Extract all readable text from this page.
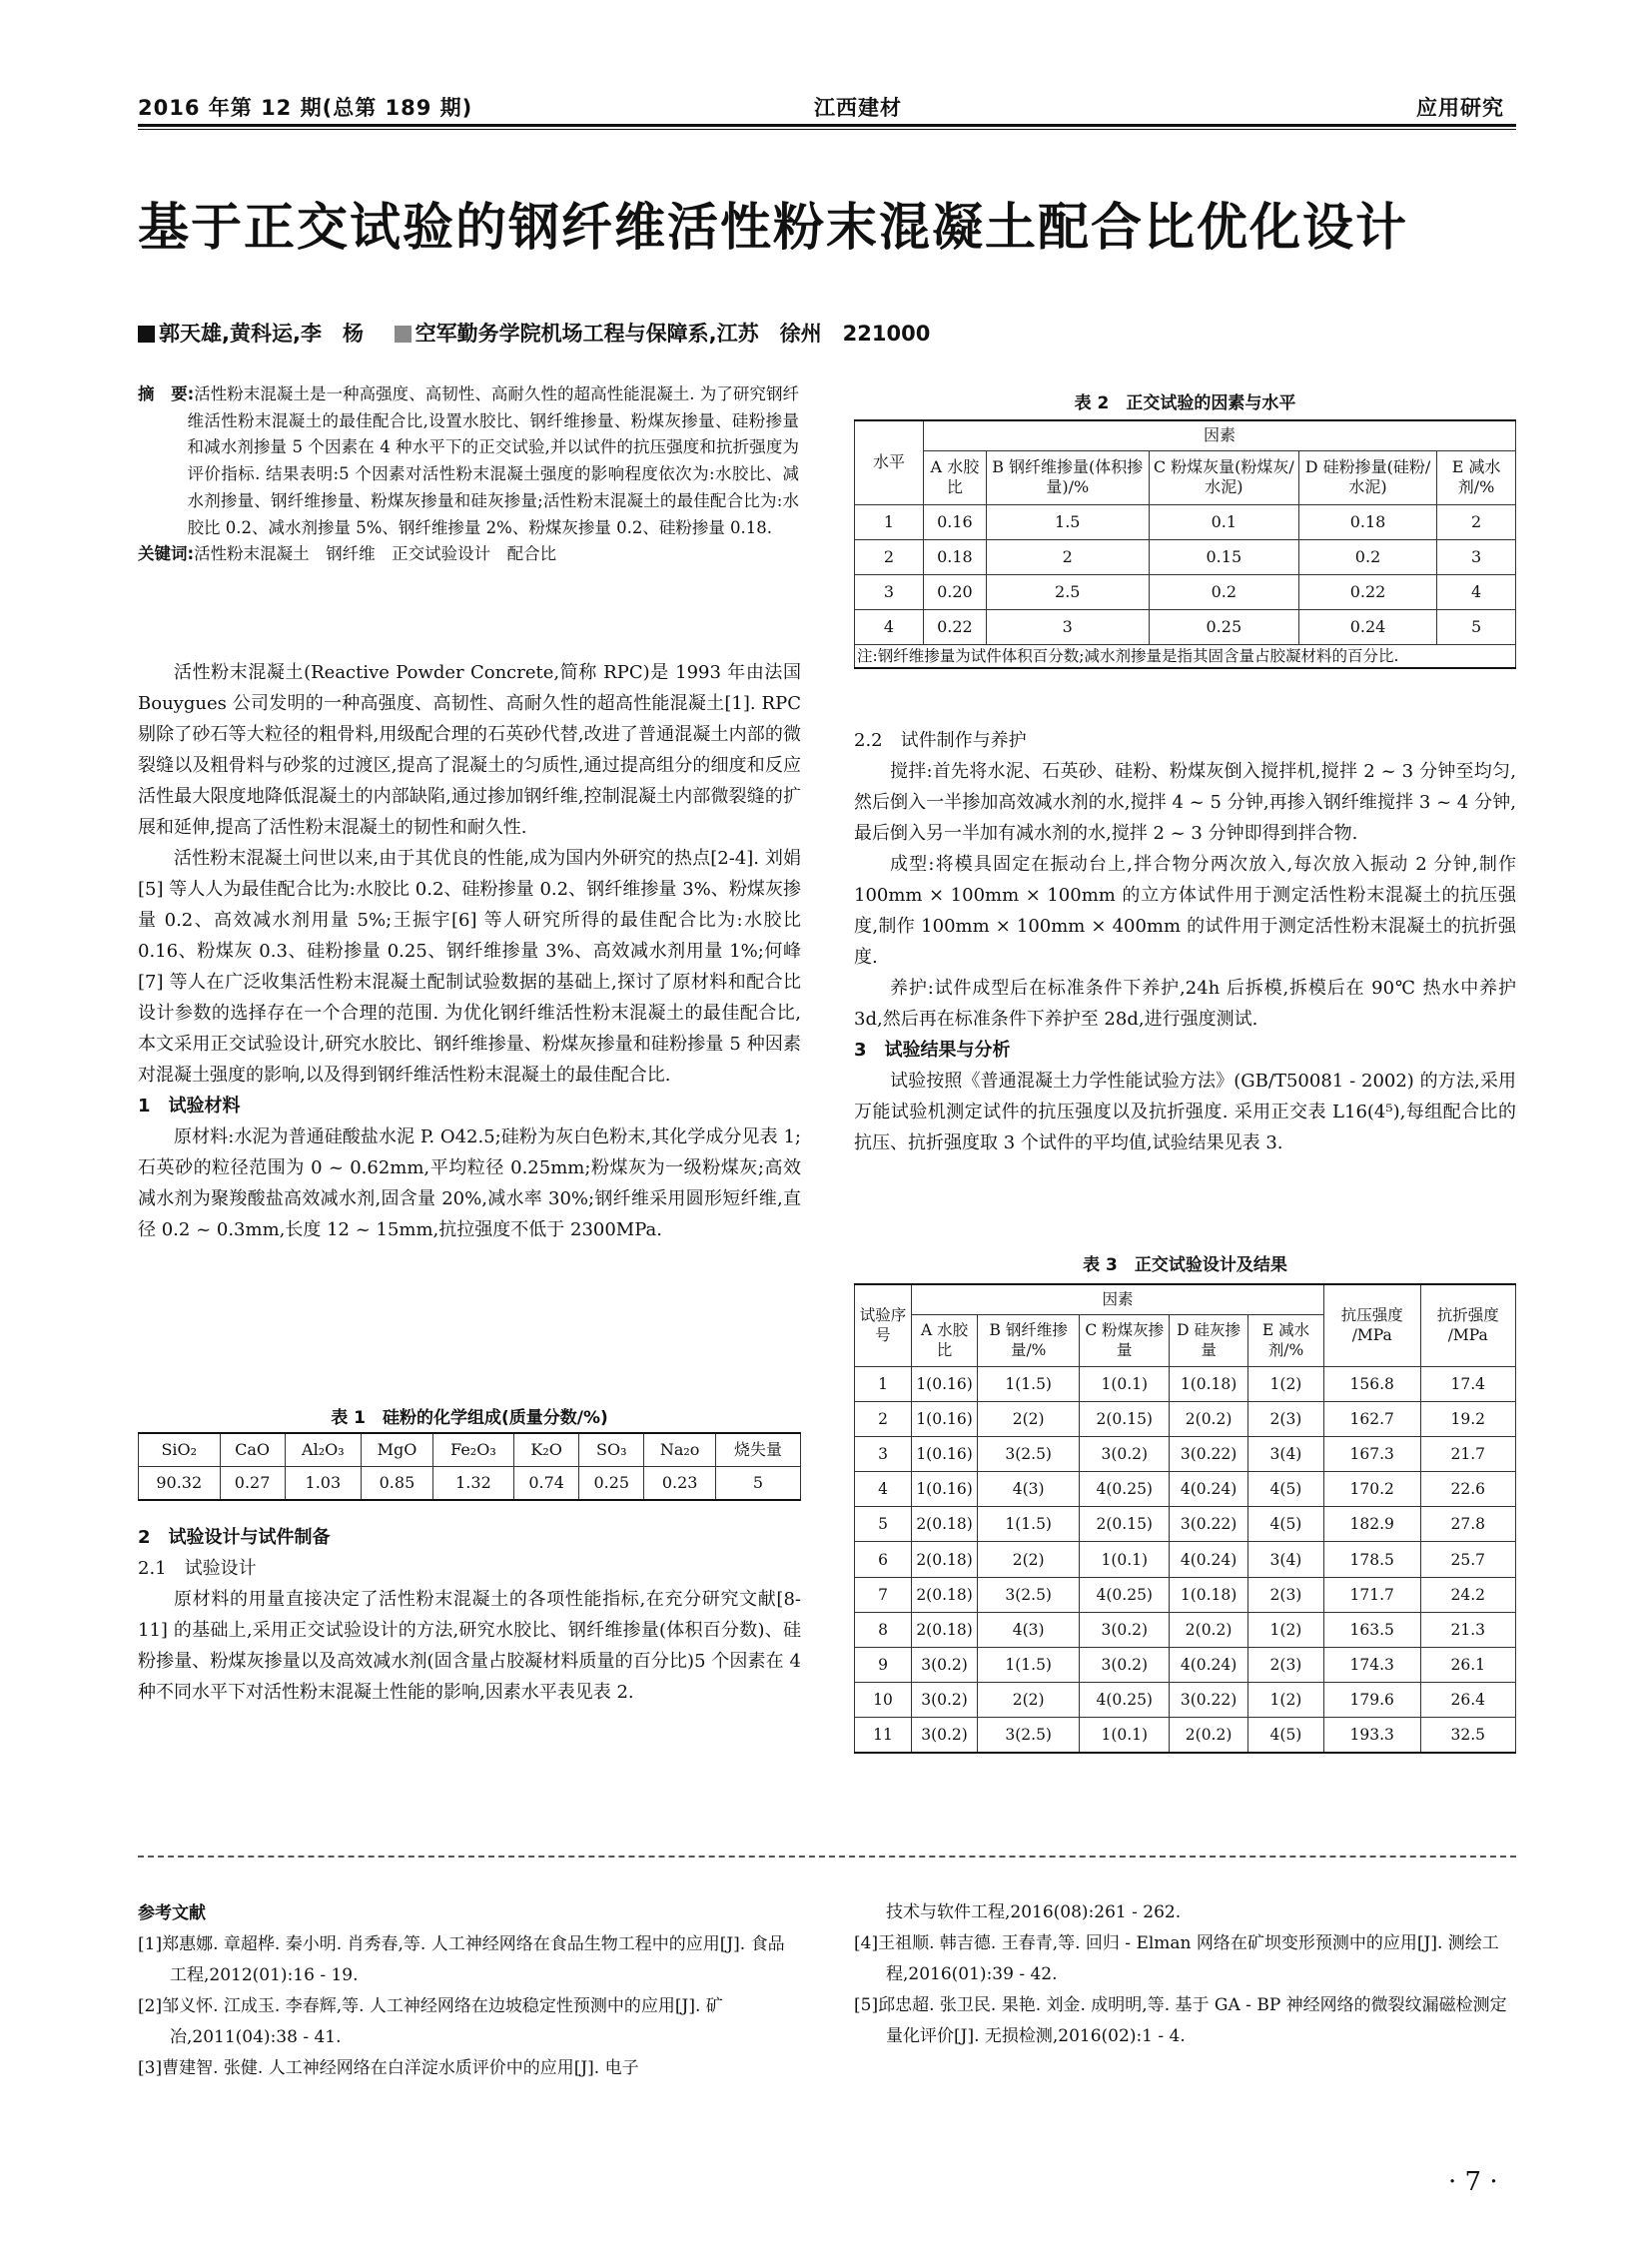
2016 年第 12 期(总第 189 期)	江西建材	应用研究
基于正交试验的钢纤维活性粉末混凝土配合比优化设计
郭天雄,黄科运,李　杨 空军勤务学院机场工程与保障系,江苏　徐州　221000

摘　要:活性粉末混凝土是一种高强度、高韧性、高耐久性的超高性能混凝土. 为了研究钢纤维活性粉末混凝土的最佳配合比,设置水胶比、钢纤维掺量、粉煤灰掺量、硅粉掺量和减水剂掺量 5 个因素在 4 种水平下的正交试验,并以试件的抗压强度和抗折强度为评价指标. 结果表明:5 个因素对活性粉末混凝土强度的影响程度依次为:水胶比、减水剂掺量、钢纤维掺量、粉煤灰掺量和硅灰掺量;活性粉末混凝土的最佳配合比为:水胶比 0.2、减水剂掺量 5%、钢纤维掺量 2%、粉煤灰掺量 0.2、硅粉掺量 0.18.

关键词:活性粉末混凝土　钢纤维　正交试验设计　配合比

活性粉末混凝土(Reactive Powder Concrete,简称 RPC)是 1993 年由法国 Bouygues 公司发明的一种高强度、高韧性、高耐久性的超高性能混凝土[1]. RPC 剔除了砂石等大粒径的粗骨料,用级配合理的石英砂代替,改进了普通混凝土内部的微裂缝以及粗骨料与砂浆的过渡区,提高了混凝土的匀质性,通过提高组分的细度和反应活性最大限度地降低混凝土的内部缺陷,通过掺加钢纤维,控制混凝土内部微裂缝的扩展和延伸,提高了活性粉末混凝土的韧性和耐久性.

活性粉末混凝土问世以来,由于其优良的性能,成为国内外研究的热点[2-4]. 刘娟[5] 等人人为最佳配合比为:水胶比 0.2、硅粉掺量 0.2、钢纤维掺量 3%、粉煤灰掺量 0.2、高效减水剂用量 5%;王振宇[6] 等人研究所得的最佳配合比为:水胶比 0.16、粉煤灰 0.3、硅粉掺量 0.25、钢纤维掺量 3%、高效减水剂用量 1%;何峰[7] 等人在广泛收集活性粉末混凝土配制试验数据的基础上,探讨了原材料和配合比设计参数的选择存在一个合理的范围. 为优化钢纤维活性粉末混凝土的最佳配合比,本文采用正交试验设计,研究水胶比、钢纤维掺量、粉煤灰掺量和硅粉掺量 5 种因素对混凝土强度的影响,以及得到钢纤维活性粉末混凝土的最佳配合比.

1　试验材料

原材料:水泥为普通硅酸盐水泥 P. O42.5;硅粉为灰白色粉末,其化学成分见表 1;石英砂的粒径范围为 0 ~ 0.62mm,平均粒径 0.25mm;粉煤灰为一级粉煤灰;高效减水剂为聚羧酸盐高效减水剂,固含量 20%,减水率 30%;钢纤维采用圆形短纤维,直径 0.2 ~ 0.3mm,长度 12 ~ 15mm,抗拉强度不低于 2300MPa.

表 1　硅粉的化学组成(质量分数/%)
SiO₂	CaO	Al₂O₃	MgO	Fe₂O₃	K₂O	SO₃	Na₂o	烧失量
90.32	0.27	1.03	0.85	1.32	0.74	0.25	0.23	5
2　试验设计与试件制备
2.1　试验设计

原材料的用量直接决定了活性粉末混凝土的各项性能指标,在充分研究文献[8-11] 的基础上,采用正交试验设计的方法,研究水胶比、钢纤维掺量(体积百分数)、硅粉掺量、粉煤灰掺量以及高效减水剂(固含量占胶凝材料质量的百分比)5 个因素在 4 种不同水平下对活性粉末混凝土性能的影响,因素水平表见表 2.

表 2　正交试验的因素与水平
水平	因素				
	A 水胶比	B 钢纤维掺量(体积掺量)/%	C 粉煤灰量(粉煤灰/水泥)	D 硅粉掺量(硅粉/水泥)	E 减水剂/%
1	0.16	1.5	0.1	0.18	2
2	0.18	2	0.15	0.2	3
3	0.20	2.5	0.2	0.22	4
4	0.22	3	0.25	0.24	5
注:钢纤维掺量为试件体积百分数;减水剂掺量是指其固含量占胶凝材料的百分比.					
2.2　试件制作与养护

搅拌:首先将水泥、石英砂、硅粉、粉煤灰倒入搅拌机,搅拌 2 ~ 3 分钟至均匀,然后倒入一半掺加高效减水剂的水,搅拌 4 ~ 5 分钟,再掺入钢纤维搅拌 3 ~ 4 分钟,最后倒入另一半加有减水剂的水,搅拌 2 ~ 3 分钟即得到拌合物.

成型:将模具固定在振动台上,拌合物分两次放入,每次放入振动 2 分钟,制作 100mm × 100mm × 100mm 的立方体试件用于测定活性粉末混凝土的抗压强度,制作 100mm × 100mm × 400mm 的试件用于测定活性粉末混凝土的抗折强度.

养护:试件成型后在标准条件下养护,24h 后拆模,拆模后在 90℃ 热水中养护 3d,然后再在标准条件下养护至 28d,进行强度测试.

3　试验结果与分析

试验按照《普通混凝土力学性能试验方法》(GB/T50081 - 2002) 的方法,采用万能试验机测定试件的抗压强度以及抗折强度. 采用正交表 L16(4⁵),每组配合比的抗压、抗折强度取 3 个试件的平均值,试验结果见表 3.

表 3　正交试验设计及结果
试验序号	因素					抗压强度 /MPa	抗折强度 /MPa
	A 水胶比	B 钢纤维掺量/%	C 粉煤灰掺量	D 硅灰掺量	E 减水剂/%		
1	1(0.16)	1(1.5)	1(0.1)	1(0.18)	1(2)	156.8	17.4
2	1(0.16)	2(2)	2(0.15)	2(0.2)	2(3)	162.7	19.2
3	1(0.16)	3(2.5)	3(0.2)	3(0.22)	3(4)	167.3	21.7
4	1(0.16)	4(3)	4(0.25)	4(0.24)	4(5)	170.2	22.6
5	2(0.18)	1(1.5)	2(0.15)	3(0.22)	4(5)	182.9	27.8
6	2(0.18)	2(2)	1(0.1)	4(0.24)	3(4)	178.5	25.7
7	2(0.18)	3(2.5)	4(0.25)	1(0.18)	2(3)	171.7	24.2
8	2(0.18)	4(3)	3(0.2)	2(0.2)	1(2)	163.5	21.3
9	3(0.2)	1(1.5)	3(0.2)	4(0.24)	2(3)	174.3	26.1
10	3(0.2)	2(2)	4(0.25)	3(0.22)	1(2)	179.6	26.4
11	3(0.2)	3(2.5)	1(0.1)	2(0.2)	4(5)	193.3	32.5
参考文献

[1]郑惠娜. 章超桦. 秦小明. 肖秀春,等. 人工神经网络在食品生物工程中的应用[J]. 食品工程,2012(01):16 - 19.

[2]邹义怀. 江成玉. 李春辉,等. 人工神经网络在边坡稳定性预测中的应用[J]. 矿冶,2011(04):38 - 41.

[3]曹建智. 张健. 人工神经网络在白洋淀水质评价中的应用[J]. 电子

技术与软件工程,2016(08):261 - 262.

[4]王祖顺. 韩吉德. 王春青,等. 回归 - Elman 网络在矿坝变形预测中的应用[J]. 测绘工程,2016(01):39 - 42.

[5]邱忠超. 张卫民. 果艳. 刘金. 成明明,等. 基于 GA - BP 神经网络的微裂纹漏磁检测定量化评价[J]. 无损检测,2016(02):1 - 4.

· 7 ·
